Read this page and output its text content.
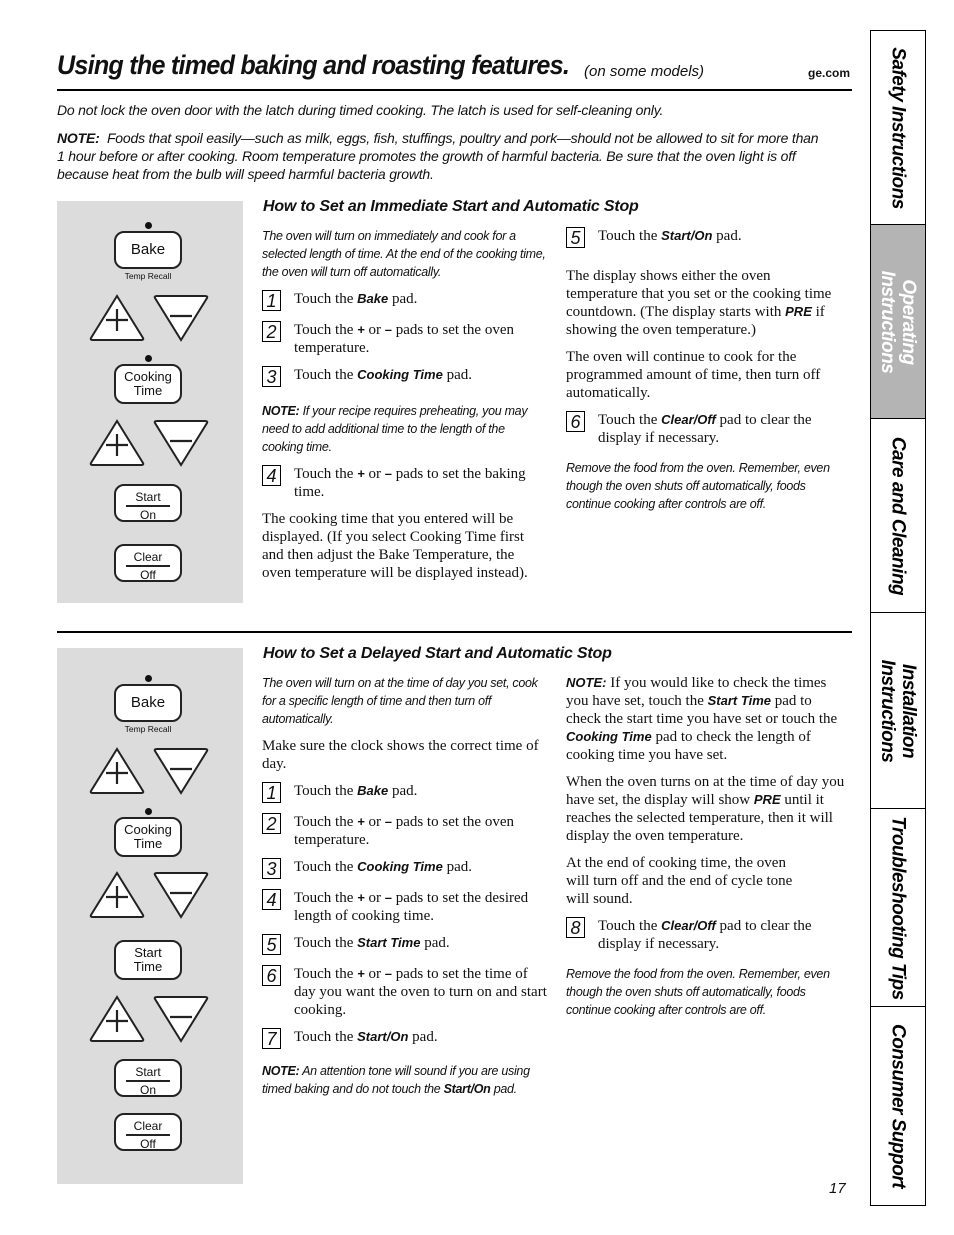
Using the timed baking and roasting features. (on some models)	ge.com

Do not lock the oven door with the latch during timed cooking. The latch is used for self-cleaning only.

NOTE: Foods that spoil easily—such as milk, eggs, fish, stuffings, poultry and pork—should not be allowed to sit for more than 1 hour before or after cooking. Room temperature promotes the growth of harmful bacteria. Be sure that the oven light is off because heat from the bulb will speed harmful bacteria growth.

Bake
Temp Recall
Cooking
Time
Start
On
Clear
Off
How to Set an Immediate Start and Automatic Stop

The oven will turn on immediately and cook for a selected length of time. At the end of the cooking time, the oven will turn off automatically.

1	Touch the Bake pad.
2	Touch the + or – pads to set the oven temperature.
3	Touch the Cooking Time pad.

NOTE: If your recipe requires preheating, you may need to add additional time to the length of the cooking time.

4	Touch the + or – pads to set the baking time.

The cooking time that you entered will be displayed. (If you select Cooking Time first and then adjust the Bake Temperature, the oven temperature will be displayed instead).

5	Touch the Start/On pad.

The display shows either the oven temperature that you set or the cooking time countdown. (The display starts with PRE if showing the oven temperature.)

The oven will continue to cook for the programmed amount of time, then turn off automatically.

6	Touch the Clear/Off pad to clear the display if necessary.

Remove the food from the oven. Remember, even though the oven shuts off automatically, foods continue cooking after controls are off.

Bake
Temp Recall
Cooking
Time
Start
Time
Start
On
Clear
Off
How to Set a Delayed Start and Automatic Stop

The oven will turn on at the time of day you set, cook for a specific length of time and then turn off automatically.

Make sure the clock shows the correct time of day.

1	Touch the Bake pad.
2	Touch the + or – pads to set the oven temperature.
3	Touch the Cooking Time pad.
4	Touch the + or – pads to set the desired length of cooking time.
5	Touch the Start Time pad.
6	Touch the + or – pads to set the time of day you want the oven to turn on and start cooking.
7	Touch the Start/On pad.

NOTE: An attention tone will sound if you are using timed baking and do not touch the Start/On pad.

NOTE: If you would like to check the times you have set, touch the Start Time pad to check the start time you have set or touch the Cooking Time pad to check the length of cooking time you have set.

When the oven turns on at the time of day you have set, the display will show PRE until it reaches the selected temperature, then it will display the oven temperature.

At the end of cooking time, the oven will turn off and the end of cycle tone will sound.

8	Touch the Clear/Off pad to clear the display if necessary.

Remove the food from the oven. Remember, even though the oven shuts off automatically, foods continue cooking after controls are off.

Safety Instructions
Operating
Instructions
Care and Cleaning
Installation
Instructions
Troubleshooting Tips
Consumer Support
17
